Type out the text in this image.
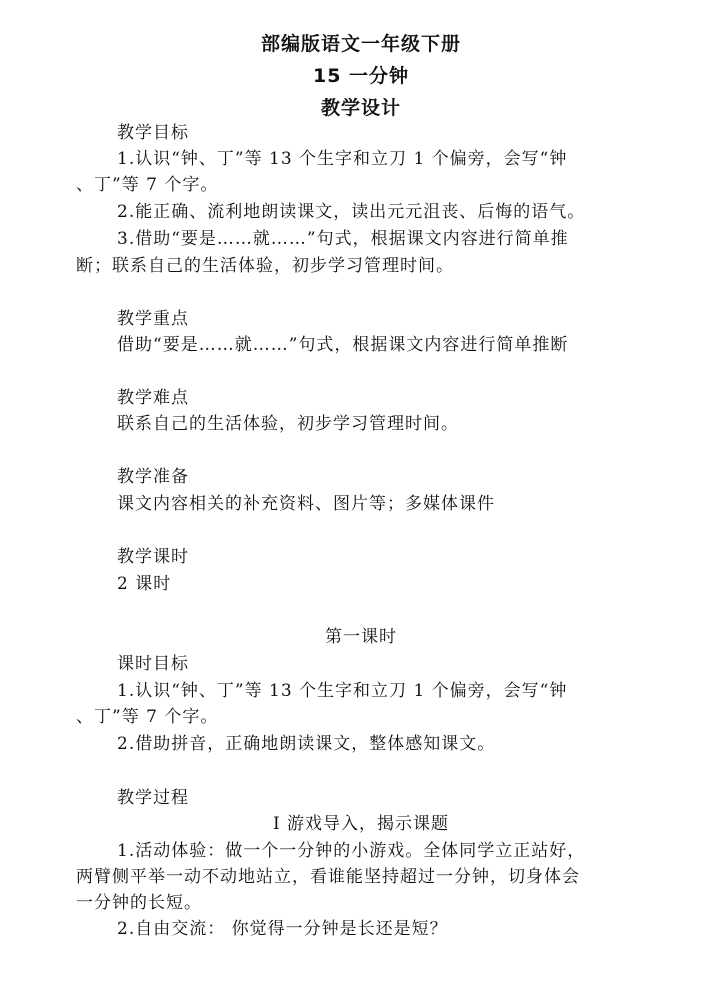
部编版语文一年级下册
15 一分钟
教学设计
教学目标
1.认识“钟、丁”等 13 个生字和立刀 1 个偏旁，会写“钟
、丁”等 7 个字。
2.能正确、流利地朗读课文，读出元元沮丧、后悔的语气。
3.借助“要是……就……”句式，根据课文内容进行简单推
断；联系自己的生活体验，初步学习管理时间。
教学重点
借助“要是……就……”句式，根据课文内容进行简单推断
教学难点
联系自己的生活体验，初步学习管理时间。
教学准备
课文内容相关的补充资料、图片等；多媒体课件
教学课时
2 课时
第一课时
课时目标
1.认识“钟、丁”等 13 个生字和立刀 1 个偏旁，会写“钟
、丁”等 7 个字。
2.借助拼音，正确地朗读课文，整体感知课文。
教学过程
Ⅰ 游戏导入，揭示课题
1.活动体验：做一个一分钟的小游戏。全体同学立正站好，
两臂侧平举一动不动地站立，看谁能坚持超过一分钟，切身体会
一分钟的长短。
2.自由交流： 你觉得一分钟是长还是短？
